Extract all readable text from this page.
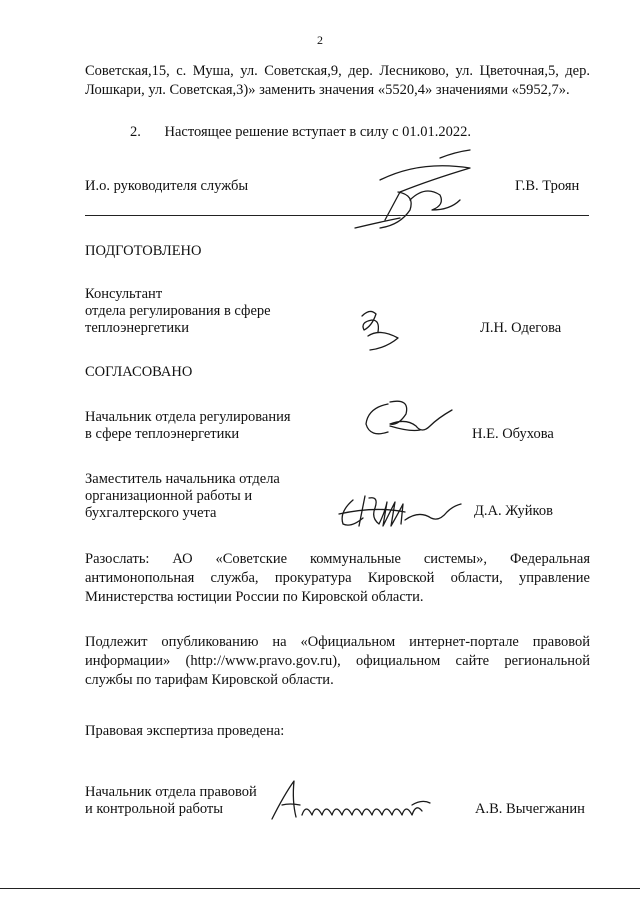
2
Советская,15, с. Муша, ул. Советская,9, дер. Лесниково, ул. Цветочная,5, дер. Лошкари, ул. Советская,3)» заменить значения «5520,4» значениями «5952,7».
2. Настоящее решение вступает в силу с 01.01.2022.
И.о. руководителя службы	Г.В. Троян
ПОДГОТОВЛЕНО
Консультант
отдела регулирования в сфере
теплоэнергетики	Л.Н. Одегова
СОГЛАСОВАНО
Начальник отдела регулирования
в сфере теплоэнергетики	Н.Е. Обухова
Заместитель начальника отдела
организационной работы и
бухгалтерского учета	Д.А. Жуйков
Разослать: АО «Советские коммунальные системы», Федеральная антимонопольная служба, прокуратура Кировской области, управление Министерства юстиции России по Кировской области.
Подлежит опубликованию на «Официальном интернет-портале правовой информации» (http://www.pravo.gov.ru), официальном сайте региональной службы по тарифам Кировской области.
Правовая экспертиза проведена:
Начальник отдела правовой
и контрольной работы	А.В. Вычегжанин
